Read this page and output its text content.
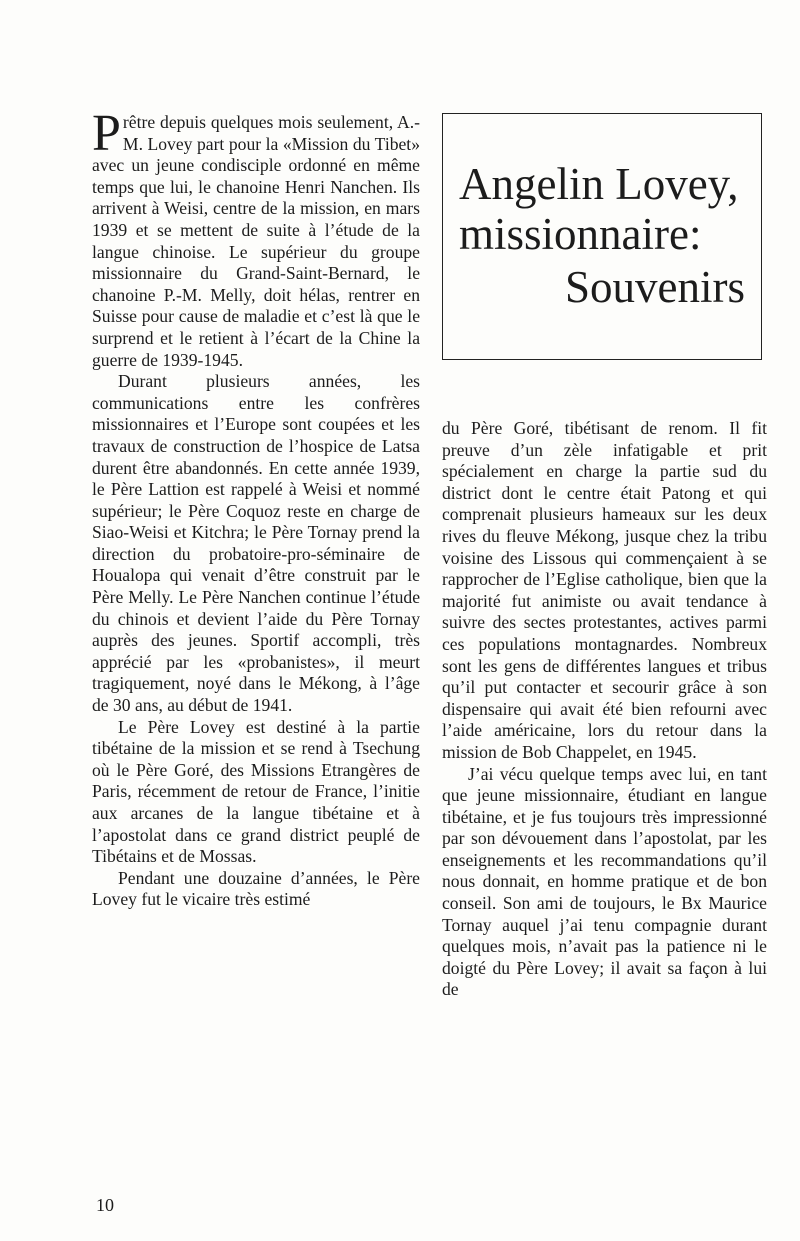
Prêtre depuis quelques mois seulement, A.-M. Lovey part pour la «Mission du Tibet» avec un jeune condisciple ordonné en même temps que lui, le chanoine Henri Nanchen. Ils arrivent à Weisi, centre de la mission, en mars 1939 et se mettent de suite à l’étude de la langue chinoise. Le supérieur du groupe missionnaire du Grand-Saint-Bernard, le chanoine P.-M. Melly, doit hélas, rentrer en Suisse pour cause de maladie et c’est là que le surprend et le retient à l’écart de la Chine la guerre de 1939-1945.

Durant plusieurs années, les communications entre les confrères missionnaires et l’Europe sont coupées et les travaux de construction de l’hospice de Latsa durent être abandonnés. En cette année 1939, le Père Lattion est rappelé à Weisi et nommé supérieur; le Père Coquoz reste en charge de Siao-Weisi et Kitchra; le Père Tornay prend la direction du probatoire-pro-séminaire de Houalopa qui venait d’être construit par le Père Melly. Le Père Nanchen continue l’étude du chinois et devient l’aide du Père Tornay auprès des jeunes. Sportif accompli, très apprécié par les «probanistes», il meurt tragiquement, noyé dans le Mékong, à l’âge de 30 ans, au début de 1941.

Le Père Lovey est destiné à la partie tibétaine de la mission et se rend à Tsechung où le Père Goré, des Missions Etrangères de Paris, récemment de retour de France, l’initie aux arcanes de la langue tibétaine et à l’apostolat dans ce grand district peuplé de Tibétains et de Mossas.

Pendant une douzaine d’années, le Père Lovey fut le vicaire très estimé

Angelin Lovey,
missionnaire:
Souvenirs

du Père Goré, tibétisant de renom. Il fit preuve d’un zèle infatigable et prit spécialement en charge la partie sud du district dont le centre était Patong et qui comprenait plusieurs hameaux sur les deux rives du fleuve Mékong, jusque chez la tribu voisine des Lissous qui commençaient à se rapprocher de l’Eglise catholique, bien que la majorité fut animiste ou avait tendance à suivre des sectes protestantes, actives parmi ces populations montagnardes. Nombreux sont les gens de différentes langues et tribus qu’il put contacter et secourir grâce à son dispensaire qui avait été bien refourni avec l’aide américaine, lors du retour dans la mission de Bob Chappelet, en 1945.

J’ai vécu quelque temps avec lui, en tant que jeune missionnaire, étudiant en langue tibétaine, et je fus toujours très impressionné par son dévouement dans l’apostolat, par les enseignements et les recommandations qu’il nous donnait, en homme pratique et de bon conseil. Son ami de toujours, le Bx Maurice Tornay auquel j’ai tenu compagnie durant quelques mois, n’avait pas la patience ni le doigté du Père Lovey; il avait sa façon à lui de

10
